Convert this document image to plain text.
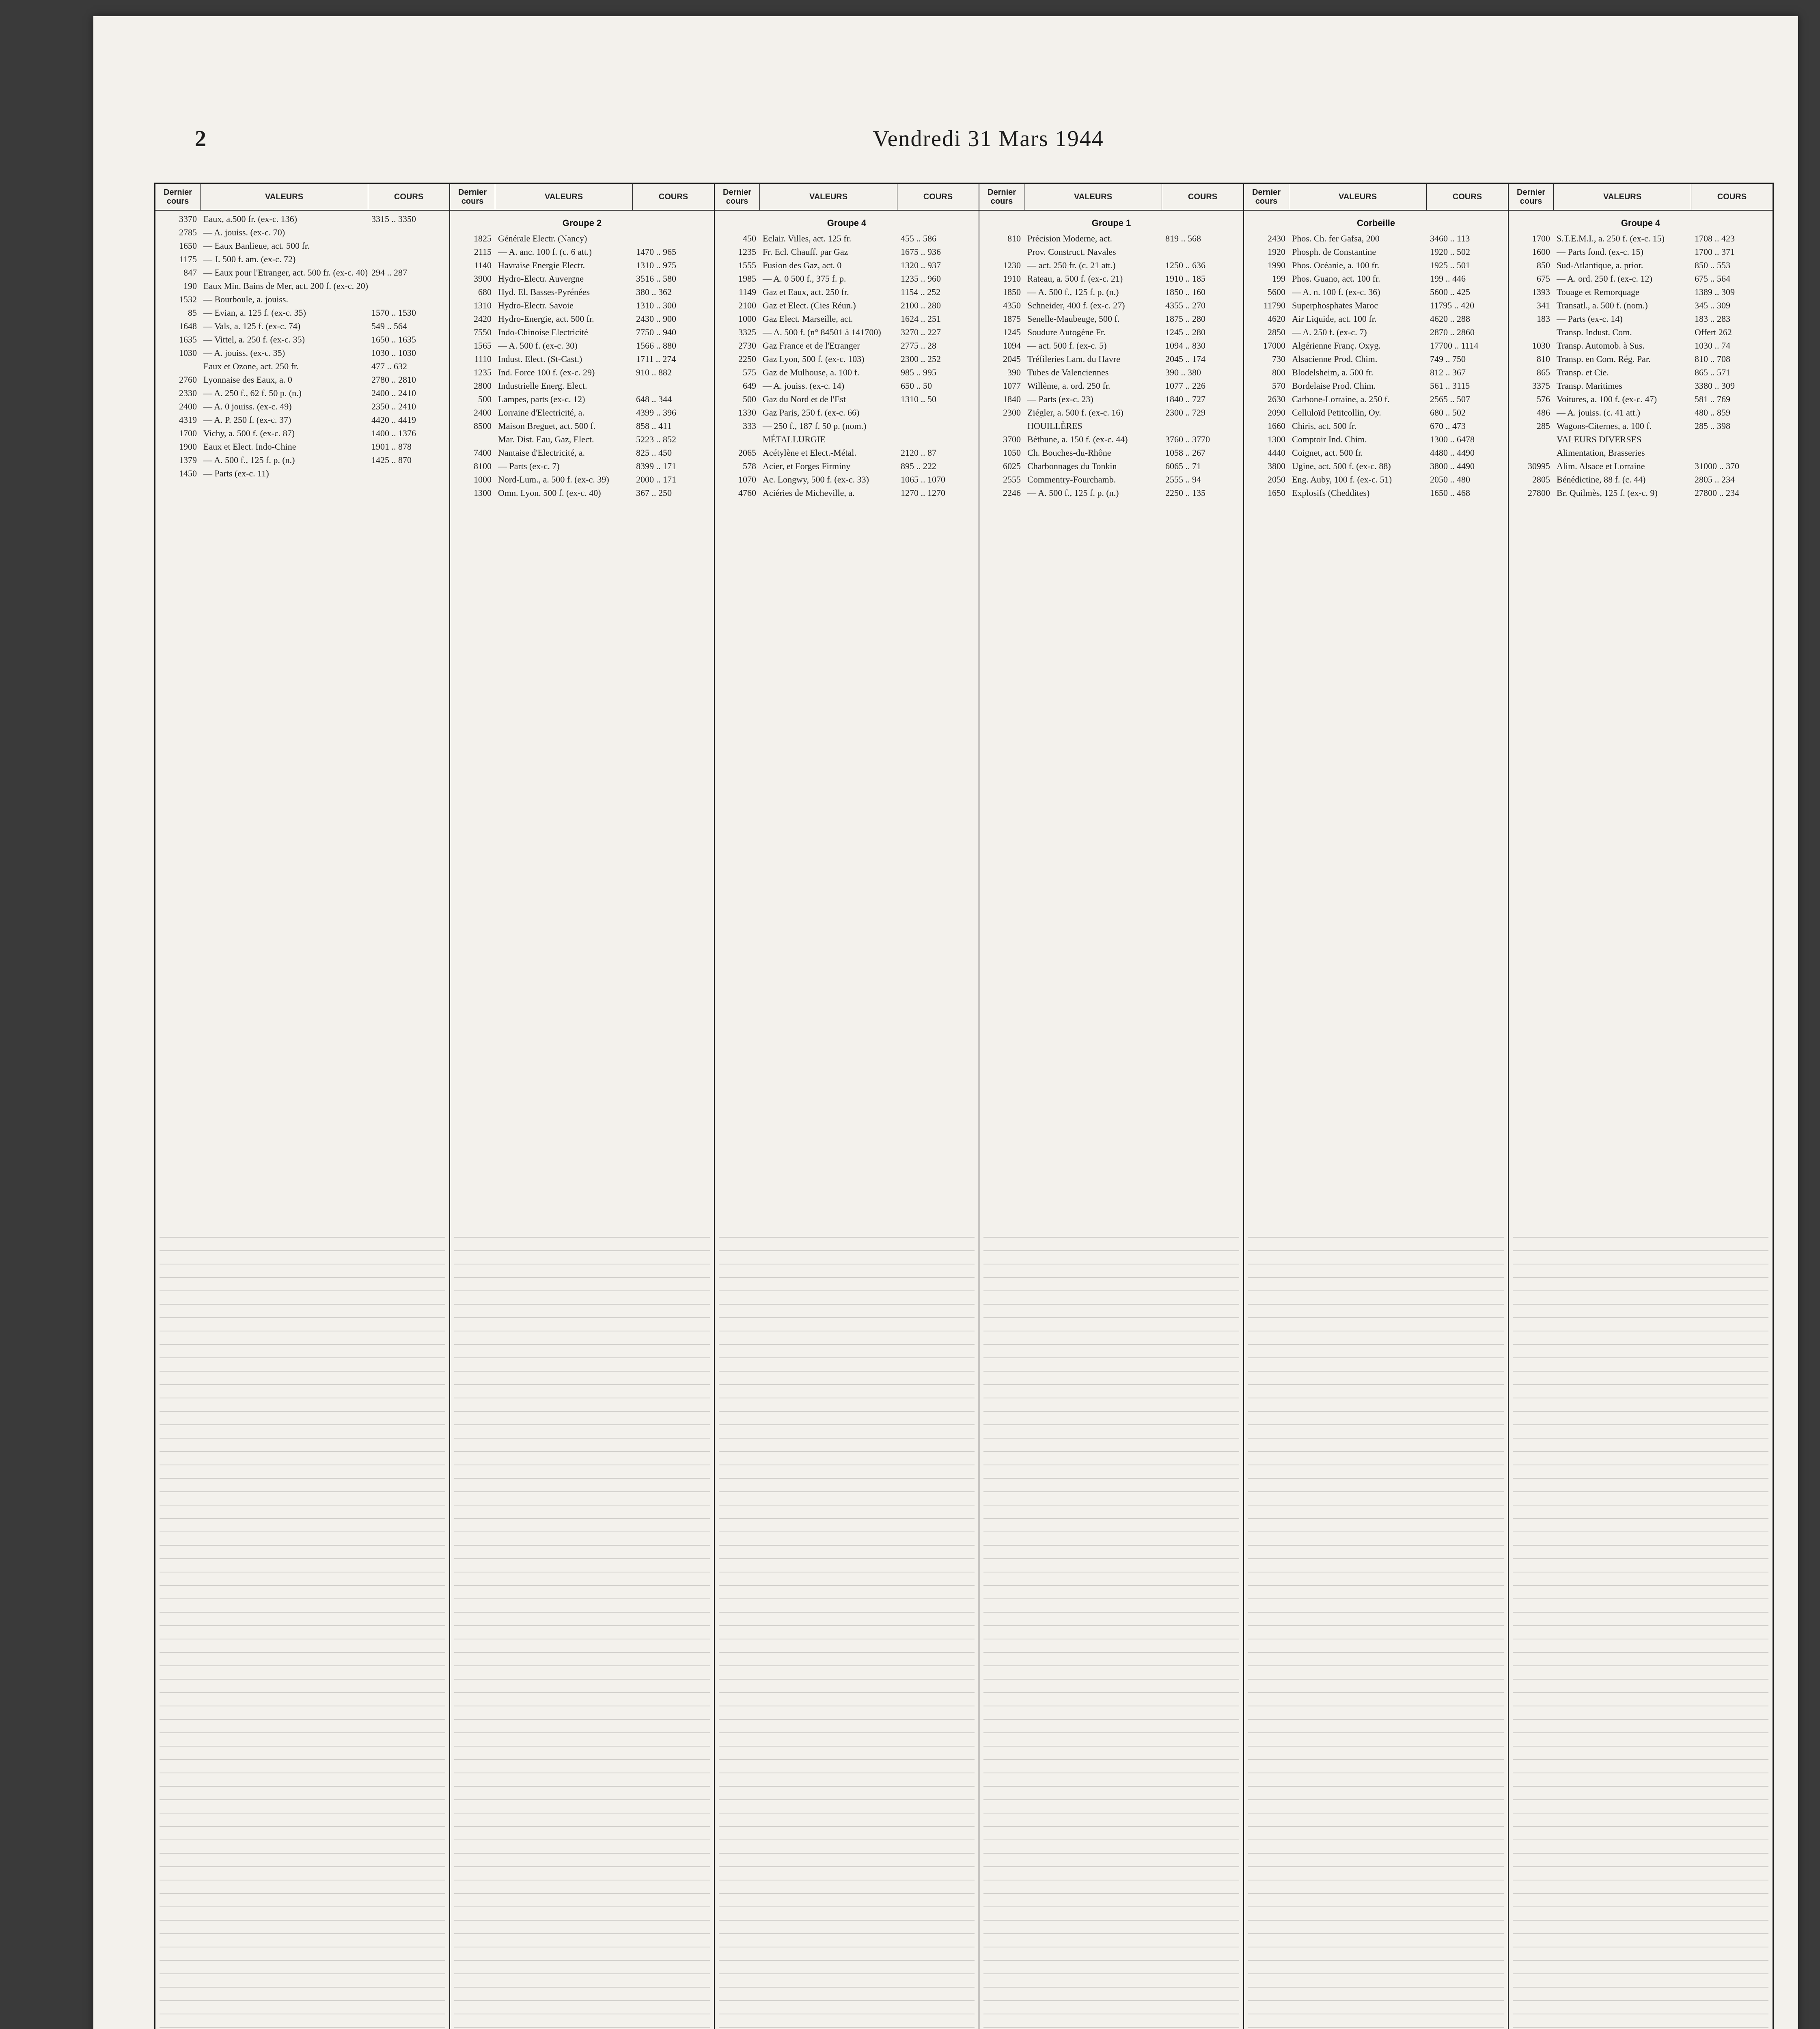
2	Vendredi 31 Mars 1944
Dernier cours	VALEURS	COURS
3370 Eaux, a.500 fr. (ex-c. 136)	3315 .. 3350
2785 — A. jouiss. (ex-c. 70)
1650 — Eaux Banlieue, act. 500 fr.
1175 — J. 500 f. am. (ex-c. 72)
847 — Eaux pour l'Etranger, act. 500 fr. (ex-c. 40) 294 .. 287
190 Eaux Min. Bains de Mer, act. 200 f. (ex-c. 20)
1532 — Bourboule, a. jouiss.
85 — Evian, a. 125 f. (ex-c. 35)	1570 .. 1530
1648 — Vals, a. 125 f. (ex-c. 74)	549 .. 564
1635 — Vittel, a. 250 f. (ex-c. 35)	1650 .. 1635
1030 — A. jouiss. (ex-c. 35)	1030 .. 1030
Eaux et Ozone, act. 250 fr.	477 .. 632
2760 Lyonnaise des Eaux, a. 0	2780 .. 2810
2330 — A. 250 f., 62 f. 50 p. (n.)	2400 .. 2410
2400 — A. 0 jouiss. (ex-c. 49)	2350 .. 2410
4319 — A. P. 250 f. (ex-c. 37)	4420 .. 4419
1700 Vichy, a. 500 f. (ex-c. 87)	1400 .. 1376
1900 Eaux et Elect. Indo-Chine	1901 .. 878
1379 — A. 500 f., 125 f. p. (n.)	1425 .. 870
1450 — Parts (ex-c. 11)
Dernier cours	VALEURS	COURS
Groupe 2
1825 Générale Electr. (Nancy)
2115 — A. anc. 100 f. (c. 6 att.)	1470 .. 965
1140 Havraise Energie Electr.	1310 .. 975
3900 Hydro-Electr. Auvergne	3516 .. 580
680 Hyd. El. Basses-Pyrénées	380 .. 362
1310 Hydro-Electr. Savoie	1310 .. 300
2420 Hydro-Energie, act. 500 fr.	2430 .. 900
7550 Indo-Chinoise Electricité	7750 .. 940
1565 — A. 500 f. (ex-c. 30)	1566 .. 880
1110 Indust. Elect. (St-Cast.)	1711 .. 274
1235 Ind. Force 100 f. (ex-c. 29)	910 .. 882
2800 Industrielle Energ. Elect.
500 Lampes, parts (ex-c. 12)	648 .. 344
2400 Lorraine d'Electricité, a.	4399 .. 396
8500 Maison Breguet, act. 500 f.	858 .. 411
Mar. Dist. Eau, Gaz, Elect.	5223 .. 852
7400 Nantaise d'Electricité, a.	825 .. 450
8100 — Parts (ex-c. 7)	8399 .. 171
1000 Nord-Lum., a. 500 f. (ex-c. 39)	2000 .. 171
1300 Omn. Lyon. 500 f. (ex-c. 40)	367 .. 250
Dernier cours	VALEURS	COURS
Groupe 4
450 Eclair. Villes, act. 125 fr.	455 .. 586
1235 Fr. Ecl. Chauff. par Gaz	1675 .. 936
1555 Fusion des Gaz, act. 0	1320 .. 937
1985 — A. 0 500 f., 375 f. p.	1235 .. 960
1149 Gaz et Eaux, act. 250 fr.	1154 .. 252
2100 Gaz et Elect. (Cies Réun.)	2100 .. 280
1000 Gaz Elect. Marseille, act.	1624 .. 251
3325 — A. 500 f. (n° 84501 à 141700)	3270 .. 227
2730 Gaz France et de l'Etranger	2775 .. 28
2250 Gaz Lyon, 500 f. (ex-c. 103)	2300 .. 252
575 Gaz de Mulhouse, a. 100 f.	985 .. 995
649 — A. jouiss. (ex-c. 14)	650 .. 50
500 Gaz du Nord et de l'Est	1310 .. 50
1330 Gaz Paris, 250 f. (ex-c. 66)
333 — 250 f., 187 f. 50 p. (nom.)
MÉTALLURGIE
2065 Acétylène et Elect.-Métal.	2120 .. 87
578 Acier, et Forges Firminy	895 .. 222
1070 Ac. Longwy, 500 f. (ex-c. 33)	1065 .. 1070
4760 Aciéries de Micheville, a.	1270 .. 1270
Dernier cours	VALEURS	COURS
Groupe 1
810 Précision Moderne, act.	819 .. 568
Prov. Construct. Navales
1230 — act. 250 fr. (c. 21 att.)	1250 .. 636
1910 Rateau, a. 500 f. (ex-c. 21)	1910 .. 185
1850 — A. 500 f., 125 f. p. (n.)	1850 .. 160
4350 Schneider, 400 f. (ex-c. 27)	4355 .. 270
1875 Senelle-Maubeuge, 500 f.	1875 .. 280
1245 Soudure Autogène Fr.	1245 .. 280
1094 — act. 500 f. (ex-c. 5)	1094 .. 830
2045 Tréfileries Lam. du Havre	2045 .. 174
390 Tubes de Valenciennes	390 .. 380
1077 Willème, a. ord. 250 fr.	1077 .. 226
1840 — Parts (ex-c. 23)	1840 .. 727
2300 Ziégler, a. 500 f. (ex-c. 16)	2300 .. 729
HOUILLÈRES
3700 Béthune, a. 150 f. (ex-c. 44)	3760 .. 3770
1050 Ch. Bouches-du-Rhône	1058 .. 267
6025 Charbonnages du Tonkin	6065 .. 71
2555 Commentry-Fourchamb.	2555 .. 94
2246 — A. 500 f., 125 f. p. (n.)	2250 .. 135
Dernier cours	VALEURS	COURS
Corbeille
2430 Phos. Ch. fer Gafsa, 200	3460 .. 113
1920 Phosph. de Constantine	1920 .. 502
1990 Phos. Océanie, a. 100 fr.	1925 .. 501
199 Phos. Guano, act. 100 fr.	199 .. 446
5600 — A. n. 100 f. (ex-c. 36)	5600 .. 425
11790 Superphosphates Maroc	11795 .. 420
4620 Air Liquide, act. 100 fr.	4620 .. 288
2850 — A. 250 f. (ex-c. 7)	2870 .. 2860
17000 Algérienne Franç. Oxyg.	17700 .. 1114
730 Alsacienne Prod. Chim.	749 .. 750
800 Blodelsheim, a. 500 fr.	812 .. 367
570 Bordelaise Prod. Chim.	561 .. 3115
2630 Carbone-Lorraine, a. 250 f.	2565 .. 507
2090 Celluloïd Petitcollin, Oy.	680 .. 502
1660 Chiris, act. 500 fr.	670 .. 473
1300 Comptoir Ind. Chim.	1300 .. 6478
4440 Coignet, act. 500 fr.	4480 .. 4490
3800 Ugine, act. 500 f. (ex-c. 88)	3800 .. 4490
2050 Eng. Auby, 100 f. (ex-c. 51)	2050 .. 480
1650 Explosifs (Cheddites)	1650 .. 468
Dernier cours	VALEURS	COURS
Groupe 4
1700 S.T.E.M.I., a. 250 f. (ex-c. 15)	1708 .. 423
1600 — Parts fond. (ex-c. 15)	1700 .. 371
850 Sud-Atlantique, a. prior.	850 .. 553
675 — A. ord. 250 f. (ex-c. 12)	675 .. 564
1393 Touage et Remorquage	1389 .. 309
341 Transatl., a. 500 f. (nom.)	345 .. 309
183 — Parts (ex-c. 14)	183 .. 283
Transp. Indust. Com.	Offert 262
1030 Transp. Automob. à Sus.	1030 .. 74
810 Transp. en Com. Rég. Par.	810 .. 708
865 Transp. et Cie.	865 .. 571
3375 Transp. Maritimes	3380 .. 309
576 Voitures, a. 100 f. (ex-c. 47)	581 .. 769
486 — A. jouiss. (c. 41 att.)	480 .. 859
285 Wagons-Citernes, a. 100 f.	285 .. 398
VALEURS DIVERSES
Alimentation, Brasseries
30995 Alim. Alsace et Lorraine	31000 .. 370
2805 Bénédictine, 88 f. (c. 44)	2805 .. 234
27800 Br. Quilmès, 125 f. (ex-c. 9)	27800 .. 234
